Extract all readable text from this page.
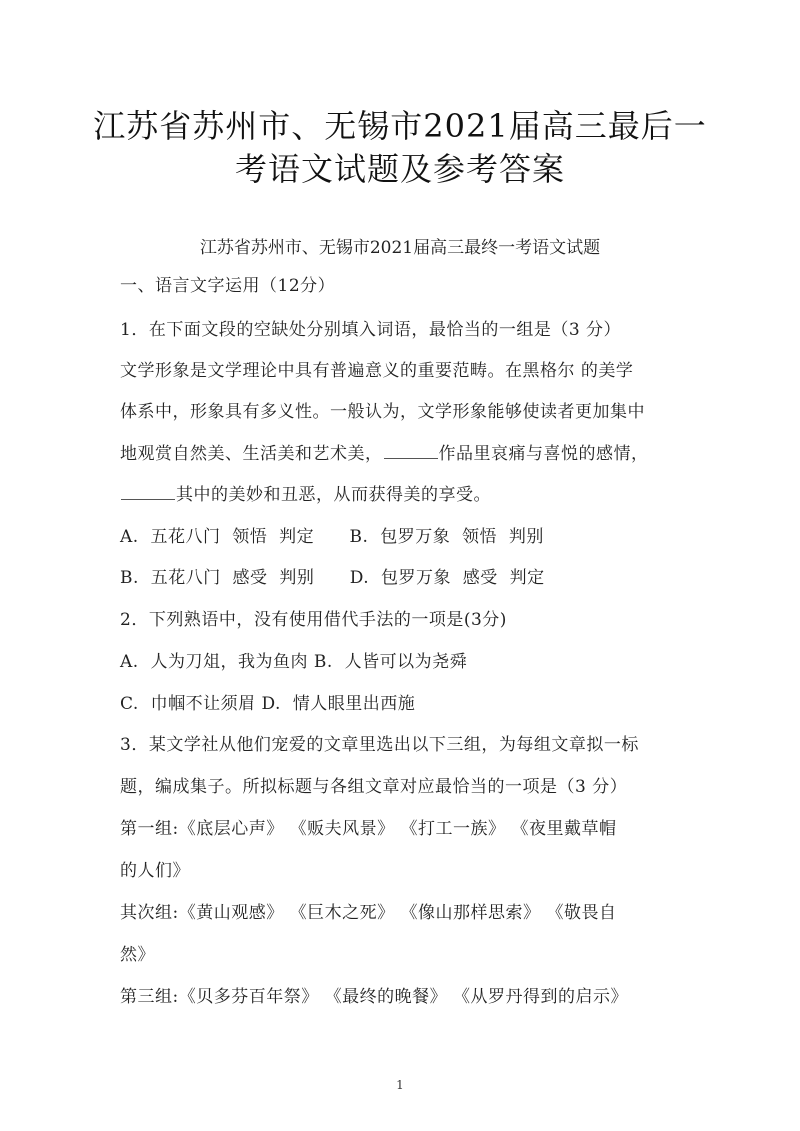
江苏省苏州市、无锡市2021届高三最后一
考语文试题及参考答案
江苏省苏州市、无锡市2021届高三最终一考语文试题
一、语言文字运用（12分）
1．在下面文段的空缺处分别填入词语，最恰当的一组是（3 分）
文学形象是文学理论中具有普遍意义的重要范畴。在黑格尔 的美学
体系中，形象具有多义性。一般认为，文学形象能够使读者更加集中
地观赏自然美、生活美和艺术美，	作品里哀痛与喜悦的感情，
其中的美妙和丑恶，从而获得美的享受。
A.  五花八门  领悟  判定      B.  包罗万象  领悟  判别
B.  五花八门  感受  判别      D.  包罗万象  感受  判定
2．下列熟语中，没有使用借代手法的一项是(3分)
A.  人为刀俎，我为鱼肉 B.  人皆可以为尧舜
C.  巾帼不让须眉 D.  情人眼里出西施
3．某文学社从他们宠爱的文章里选出以下三组，为每组文章拟一标
题，编成集子。所拟标题与各组文章对应最恰当的一项是（3 分）
第一组:《底层心声》 《贩夫风景》 《打工一族》 《夜里戴草帽
的人们》
其次组:《黄山观感》 《巨木之死》 《像山那样思索》 《敬畏自
然》
第三组:《贝多芬百年祭》 《最终的晚餐》 《从罗丹得到的启示》
1
